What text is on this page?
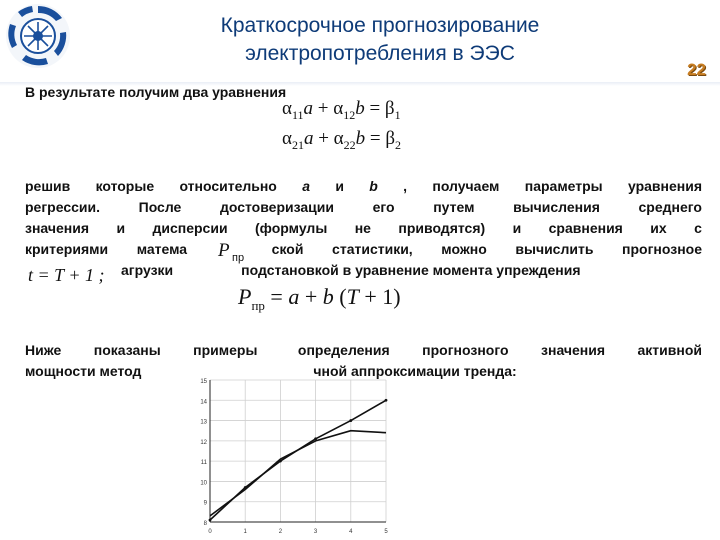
Краткосрочное прогнозирование
электропотребления в ЭЭС
22
В результате получим два уравнения
$\alpha_{11}a + \alpha_{12}b = \beta_1$
$\alpha_{21}a + \alpha_{22}b = \beta_2$
решив которые относительно a и b , получаем параметры уравнения
регрессии.	После	достоверизации	его	путем	вычисления	среднего
значения и дисперсии (формулы не приводятся) и сравнения их с
критериями матема	ской статистики, можно вычислить прогнозное
агрузки	подстановкой в уравнение момента упреждения
P пр
t = T + 1 ;
$P_{пр} = a + b$ (T + 1)
Ниже показаны примеры	определения прогнозного значения активной
мощности метод	чной аппроксимации тренда:
8
9
10
11
12
13
14
15
0	1	2	3	4	5
